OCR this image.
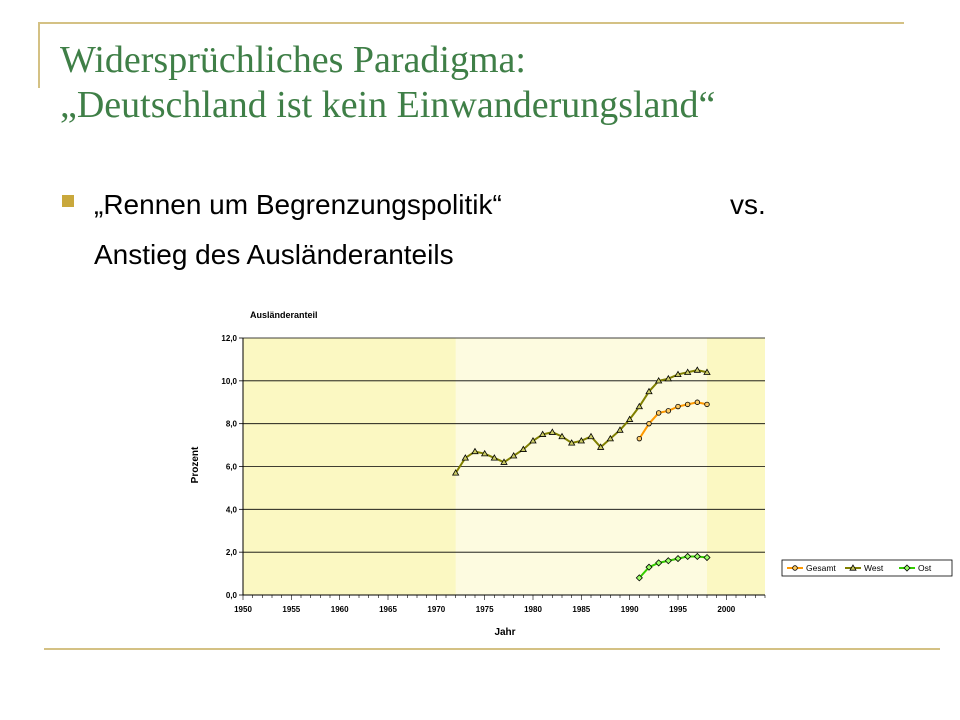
Widersprüchliches Paradigma:
„Deutschland ist kein Einwanderungsland“
„Rennen um Begrenzungspolitik“	vs.
Anstieg des Ausländeranteils
Ausländeranteil
Prozent
Jahr
0,0
2,0
4,0
6,0
8,0
10,0
12,0
1950	1955	1960	1965	1970	1975	1980	1985	1990	1995	2000
Gesamt	West	Ost
